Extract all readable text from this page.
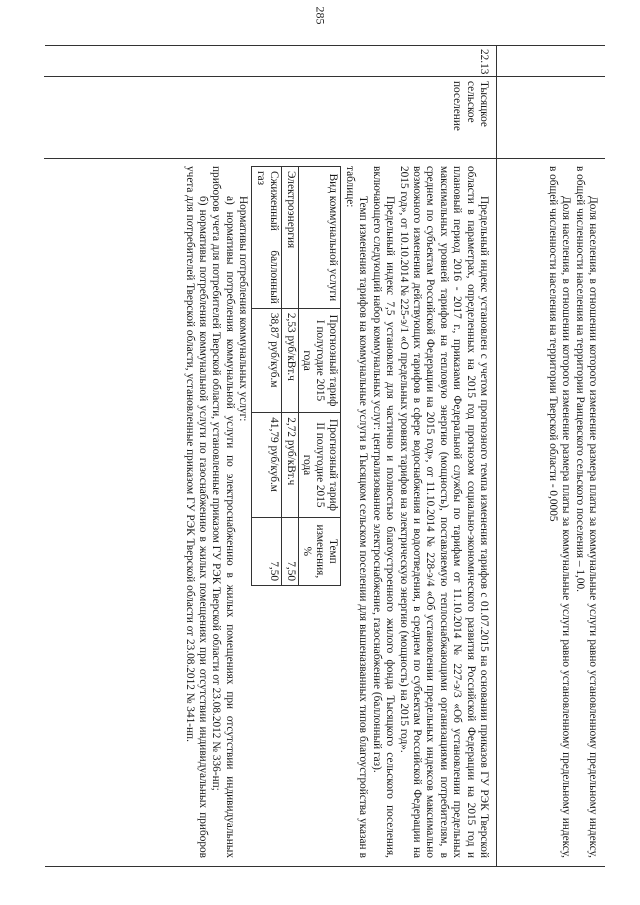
285

Доля населения, в отношении которого изменение размера платы за коммунальные услуги равно установленному предельному индексу, в общей численности населения на территории Раицевского сельского поселения – 1,00.

Доля населения, в отношении которого изменение размера платы за коммунальные услуги равно установленному предельному индексу, в общей численности населения на территории Тверской области - 0,0005

22.13
Тысяцкое сельское поселение

Предельный индекс установлен с учетом прогнозного темпа изменения тарифов с 01.07.2015 на основании приказов ГУ РЭК Тверской области в параметрах, определенных на 2015 год прогнозом социально-экономического развития Российской Федерации на 2015 год и плановый период 2016 - 2017 г., приказами Федеральной службы по тарифам от 11.10.2014 № 227-э/3 «Об установлении предельных максимальных уровней тарифов на тепловую энергию (мощность), поставляемую теплоснабжающими организациями потребителям, в среднем по субъектам Российской Федерации на 2015 год», от 11.10.2014 № 228-э/4 «Об установлении предельных индексов максимально возможного изменения действующих тарифов в сфере водоснабжения и водоотведения, в среднем по субъектам Российской Федерации на 2015 год», от 10.10.2014 № 225-э/1 «О предельных уровнях тарифов на электрическую энергию (мощность) на 2015 год».

Предельный индекс 7,5 установлен для частично и полностью благоустроенного жилого фонда Тысяцкого сельского поселения, включающего следующий набор коммунальных услуг: централизованное электроснабжение, газоснабжение (баллонный газ).

Темп изменения тарифов на коммунальные услуги в Тысяцком сельском поселении для вышеназванных типов благоустройства указан в таблице:

Вид коммунальной услуги	Прогнозный тариф I полугодие 2015 года	Прогнозный тариф II полугодие 2015 года	Темп изменения, %
Электроэнергия	2,53 руб/кВт.ч	2,72 руб/кВт.ч	7,50
Сжиженный баллонный газ	38,87 руб/куб.м	41,79 руб/куб.м	7,50

Нормативы потребления коммунальных услуг:

а) нормативы потребления коммунальной услуги по электроснабжению в жилых помещениях при отсутствии индивидуальных приборов учета для потребителей Тверской области, установленные приказом ГУ РЭК Тверской области от 23.08.2012 № 336-нп;

б) нормативы потребления коммунальной услуги по газоснабжению в жилых помещениях при отсутствии индивидуальных приборов учета для потребителей Тверской области, установленные приказом ГУ РЭК Тверской области от 23.08.2012 № 341-нп.
